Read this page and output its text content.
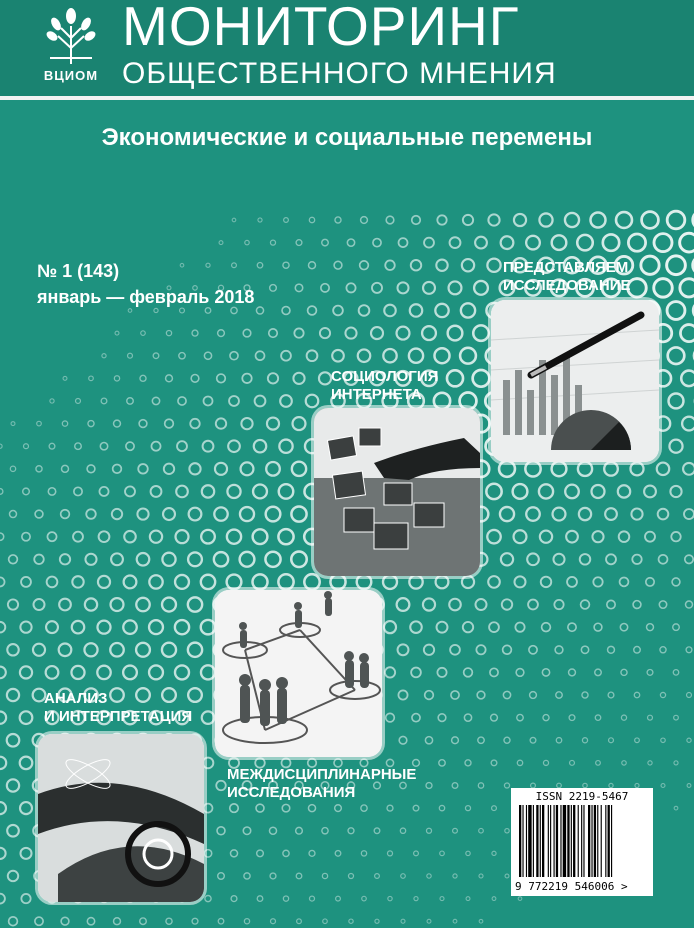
ВЦИОМ
МОНИТОРИНГ
ОБЩЕСТВЕННОГО МНЕНИЯ
Экономические и социальные перемены
№ 1 (143)
январь — февраль 2018
ПРЕДСТАВЛЯЕМ
ИССЛЕДОВАНИЕ
СОЦИОЛОГИЯ
ИНТЕРНЕТА
МЕЖДИСЦИПЛИНАРНЫЕ
ИССЛЕДОВАНИЯ
АНАЛИЗ
И ИНТЕРПРЕТАЦИЯ
ISSN 2219-5467
9 772219 546006 >
